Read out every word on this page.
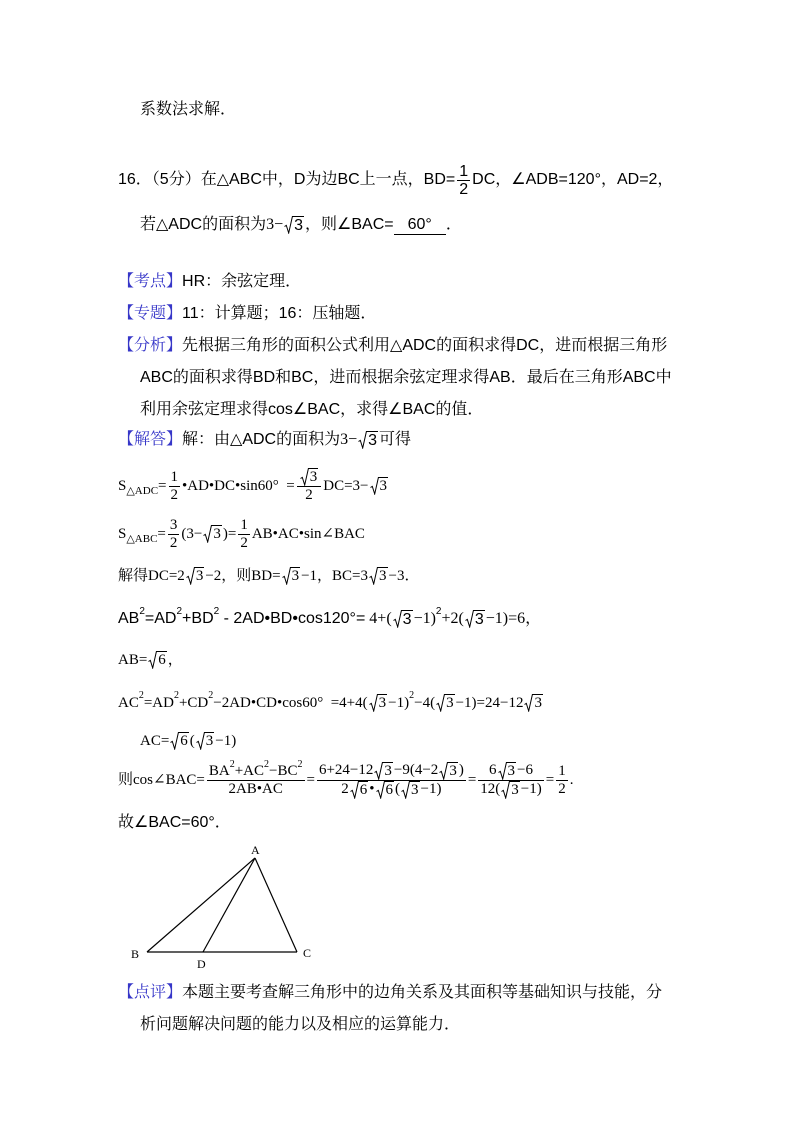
系数法求解．
16．（5分）在△ABC中，D为边BC上一点，$BD= \frac{1}{2}$ DC，∠ADB=120°，AD=2，
若△ADC的面积为 3− 3 ，则∠BAC= 60° ．
【考点】 HR：余弦定理．
【专题】 11：计算题；16：压轴题．
【分析】 先根据三角形的面积公式利用△ADC的面积求得DC，进而根据三角形
ABC的面积求得BD和BC，进而根据余弦定理求得AB．最后在三角形ABC中
利用余弦定理求得cos∠BAC，求得∠BAC的值．
【解答】 解：由△ADC的面积为 3− 3 可得
S △ADC = $\frac{1}{2}$ •AD•DC•sin60°  = $\frac{3}{2} DC=3- 3$
S △ABC = $\frac{3}{2} (3- 3$ )= $\frac{1}{2}$ AB•AC•sin∠BAC
解得DC=2 3 −2，则BD= 3 −1，BC=3 3 −3．
AB 2 =AD 2 +BD 2 - 2AD•BD•cos120°= 4+( 3 −1) 2 +2( 3 −1)=6，
AB= 6 ，
AC 2 =AD 2 +CD 2 −2AD•CD•cos60°  =4+4( 3 −1) 2 −4( 3 −1)=24−12 3
AC= 6 ( 3 −1)
则cos∠BAC= $\frac{BA 2 +AC 2 -BC 2}{2AB•AC} = \frac{6+24-12 3 -9(4-2 3 )}{2 6 • 6 ( 3 -1)} = \frac{6 3 -6}{12( 3 -1)} = \frac{1}{2}$ .
故∠BAC=60°．
A
B	C
D
【点评】 本题主要考查解三角形中的边角关系及其面积等基础知识与技能，分
析问题解决问题的能力以及相应的运算能力．
